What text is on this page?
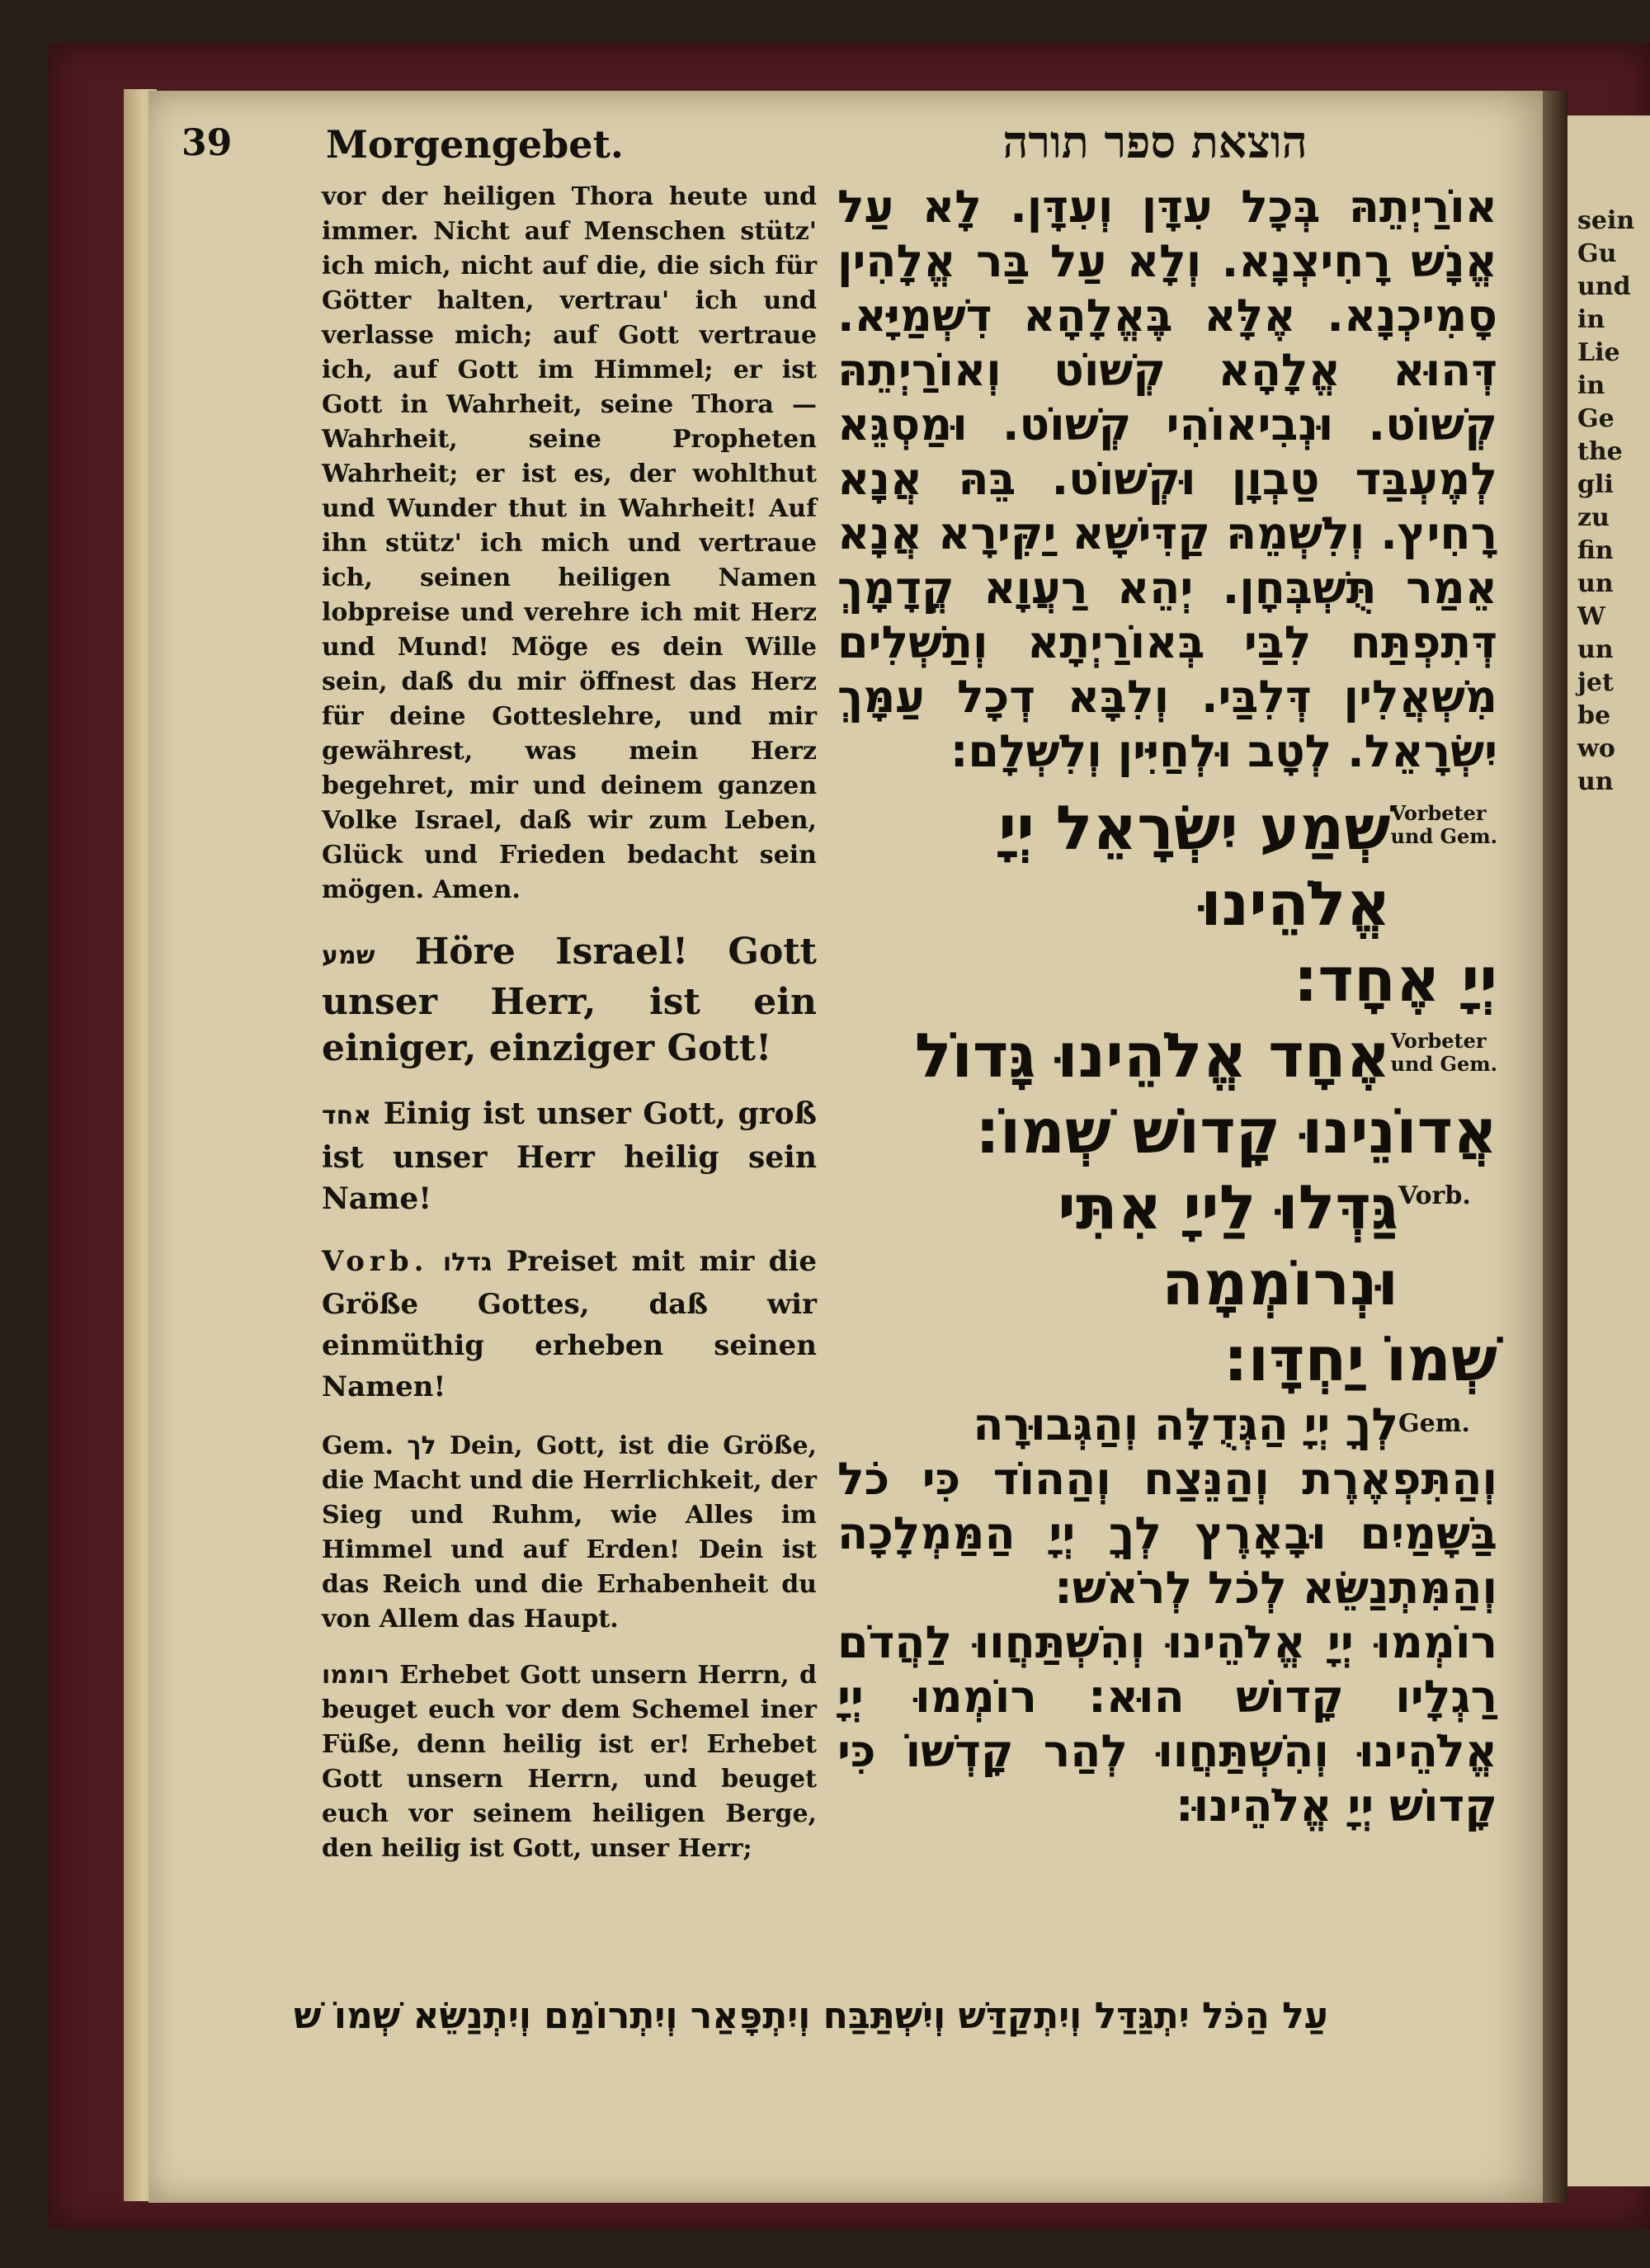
sein
Gu
und
in
Lie
in
Ge
the
gli
zu
fin
un
W
un
jet
be
wo
un
39 Morgengebet.	הוצאת ספר תורה
vor der heiligen Thora heute und immer. Nicht auf Menschen stütz' ich mich, nicht auf die, die sich für Götter halten, vertrau' ich und verlasse mich; auf Gott vertraue ich, auf Gott im Himmel; er ist Gott in Wahrheit, seine Thora — Wahrheit, seine Propheten Wahrheit; er ist es, der wohlthut und Wunder thut in Wahrheit! Auf ihn stütz' ich mich und vertraue ich, seinen heiligen Namen lobpreise und verehre ich mit Herz und Mund! Möge es dein Wille sein, daß du mir öffnest das Herz für deine Gotteslehre, und mir gewährest, was mein Herz begehret, mir und deinem ganzen Volke Israel, daß wir zum Leben, Glück und Frieden bedacht sein mögen. Amen.
שמע Höre Israel! Gott unser Herr, ist ein einiger, einziger Gott!
אחד Einig ist unser Gott, groß ist unser Herr heilig sein Name!
Vorb. גדלו Preiset mit mir die Größe Gottes, daß wir einmüthig erheben seinen Namen!
Gem. לך Dein, Gott, ist die Größe, die Macht und die Herrlichkeit, der Sieg und Ruhm, wie Alles im Himmel und auf Erden! Dein ist das Reich und die Erhabenheit du von Allem das Haupt.
רוממו Erhebet Gott unsern Herrn, d beuget euch vor dem Schemel iner Füße, denn heilig ist er! Erhebet Gott unsern Herrn, und beuget euch vor seinem heiligen Berge, den heilig ist Gott, unser Herr;
אוֹרַיְתֵהּ בְּכָל עִדָּן וְעִדָּן. לָא עַל אֱנָשׁ רָחִיצְנָא. וְלָא עַל בַּר אֱלָהִין סָמִיכְנָא. אֶלָּא בֶּאֱלָהָא דִשְׁמַיָּא. דְּהוּא אֱלָהָא קְשׁוֹט וְאוֹרַיְתֵהּ קְשׁוֹט. וּנְבִיאוֹהִי קְשׁוֹט. וּמַסְגֵּא לְמֶעְבַּד טַבְוָן וּקְשׁוֹט. בֵּהּ אֲנָא רָחִיץ. וְלִשְׁמֵהּ קַדִּישָׁא יַקִּירָא אֲנָא אֵמַר תֻּשְׁבְּחָן. יְהֵא רַעֲוָא קֳדָמָךְ דְּתִפְתַּח לִבַּי בְּאוֹרַיְתָא וְתַשְׁלִים מִשְׁאֲלִין דְּלִבַּי. וְלִבָּא דְכָל עַמָּךְ יִשְׂרָאֵל. לְטָב וּלְחַיִּין וְלִשְׁלָם:
שְׁמַע יִשְׂרָאֵל יְיָ אֱלֹהֵינוּ
Vorbeter
und Gem.
יְיָ אֶחָד:
אֶחָד אֱלֹהֵינוּ גָּדוֹל Vorbeter
und Gem.
אֲדוֹנֵינוּ קָדוֹשׁ שְׁמוֹ:
גַּדְּלוּ לַייָ אִתִּי וּנְרוֹמְמָה
Vorb.
שְׁמוֹ יַחְדָּו:
לְךָ יְיָ הַגְּדֻלָּה וְהַגְּבוּרָה Gem.
וְהַתִּפְאֶרֶת וְהַנֵּצַח וְהַהוֹד כִּי כֹל בַּשָּׁמַיִם וּבָאָרֶץ לְךָ יְיָ הַמַּמְלָכָה וְהַמִּתְנַשֵּׂא לְכֹל לְרֹאשׁ:
רוֹמְמוּ יְיָ אֱלֹהֵינוּ וְהִשְׁתַּחֲווּ לַהֲדֹם רַגְלָיו קָדוֹשׁ הוּא: רוֹמְמוּ יְיָ אֱלֹהֵינוּ וְהִשְׁתַּחֲווּ לְהַר קָדְשׁוֹ כִּי קָדוֹשׁ יְיָ אֱלֹהֵינוּ:
עַל הַכֹּל יִתְגַּדַּל וְיִתְקַדַּשׁ וְיִשְׁתַּבַּח וְיִתְפָּאַר וְיִתְרוֹמַם וְיִתְנַשֵּׂא שְׁמוֹ שׁ
